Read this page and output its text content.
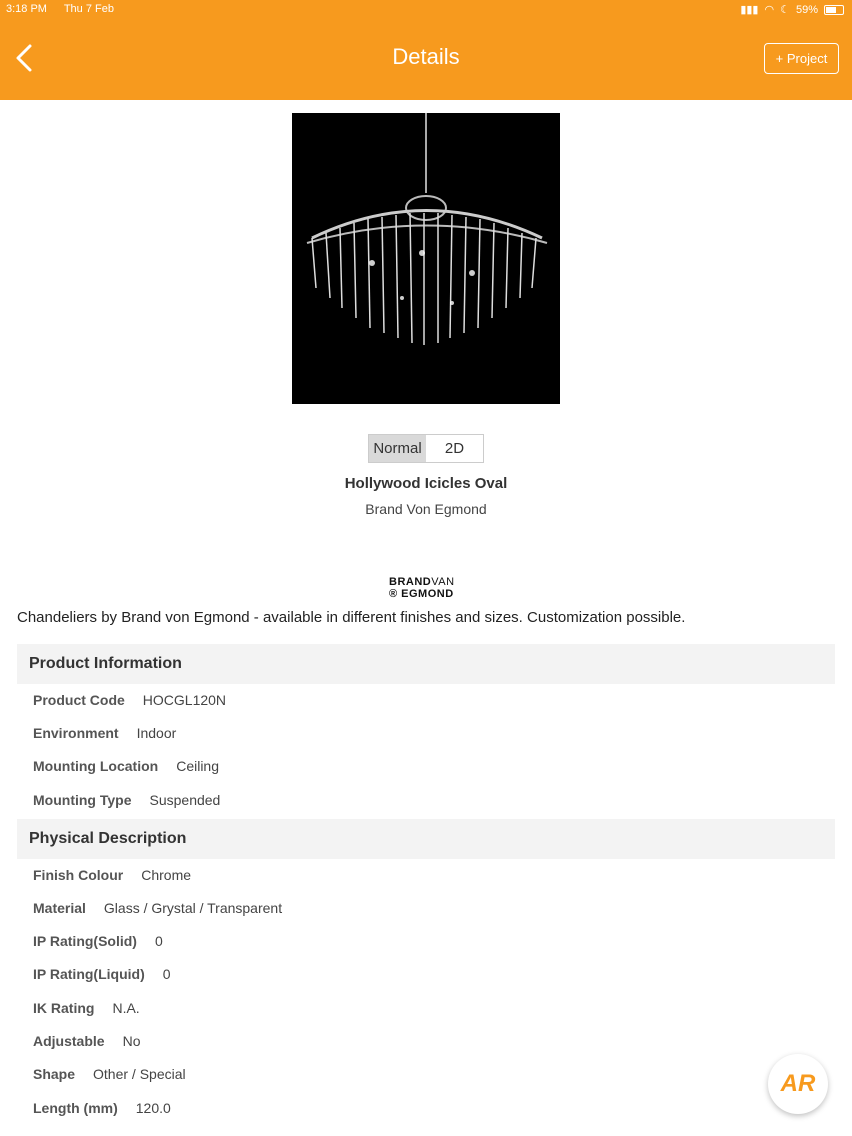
3:18 PM Thu 7 Feb	▮▮▮ ◠ ☾ 59%
Details	+ Project
Normal	2D
Hollywood Icicles Oval
Brand Von Egmond
BRANDVAN
® EGMOND
Chandeliers by Brand von Egmond - available in different finishes and sizes. Customization possible.
Product Information
Product Code HOCGL120N
Environment Indoor
Mounting Location Ceiling
Mounting Type Suspended
Physical Description
Finish Colour Chrome
Material Glass / Grystal / Transparent
IP Rating(Solid) 0
IP Rating(Liquid) 0
IK Rating N.A.
Adjustable No
Shape Other / Special
Length (mm) 120.0
AR
